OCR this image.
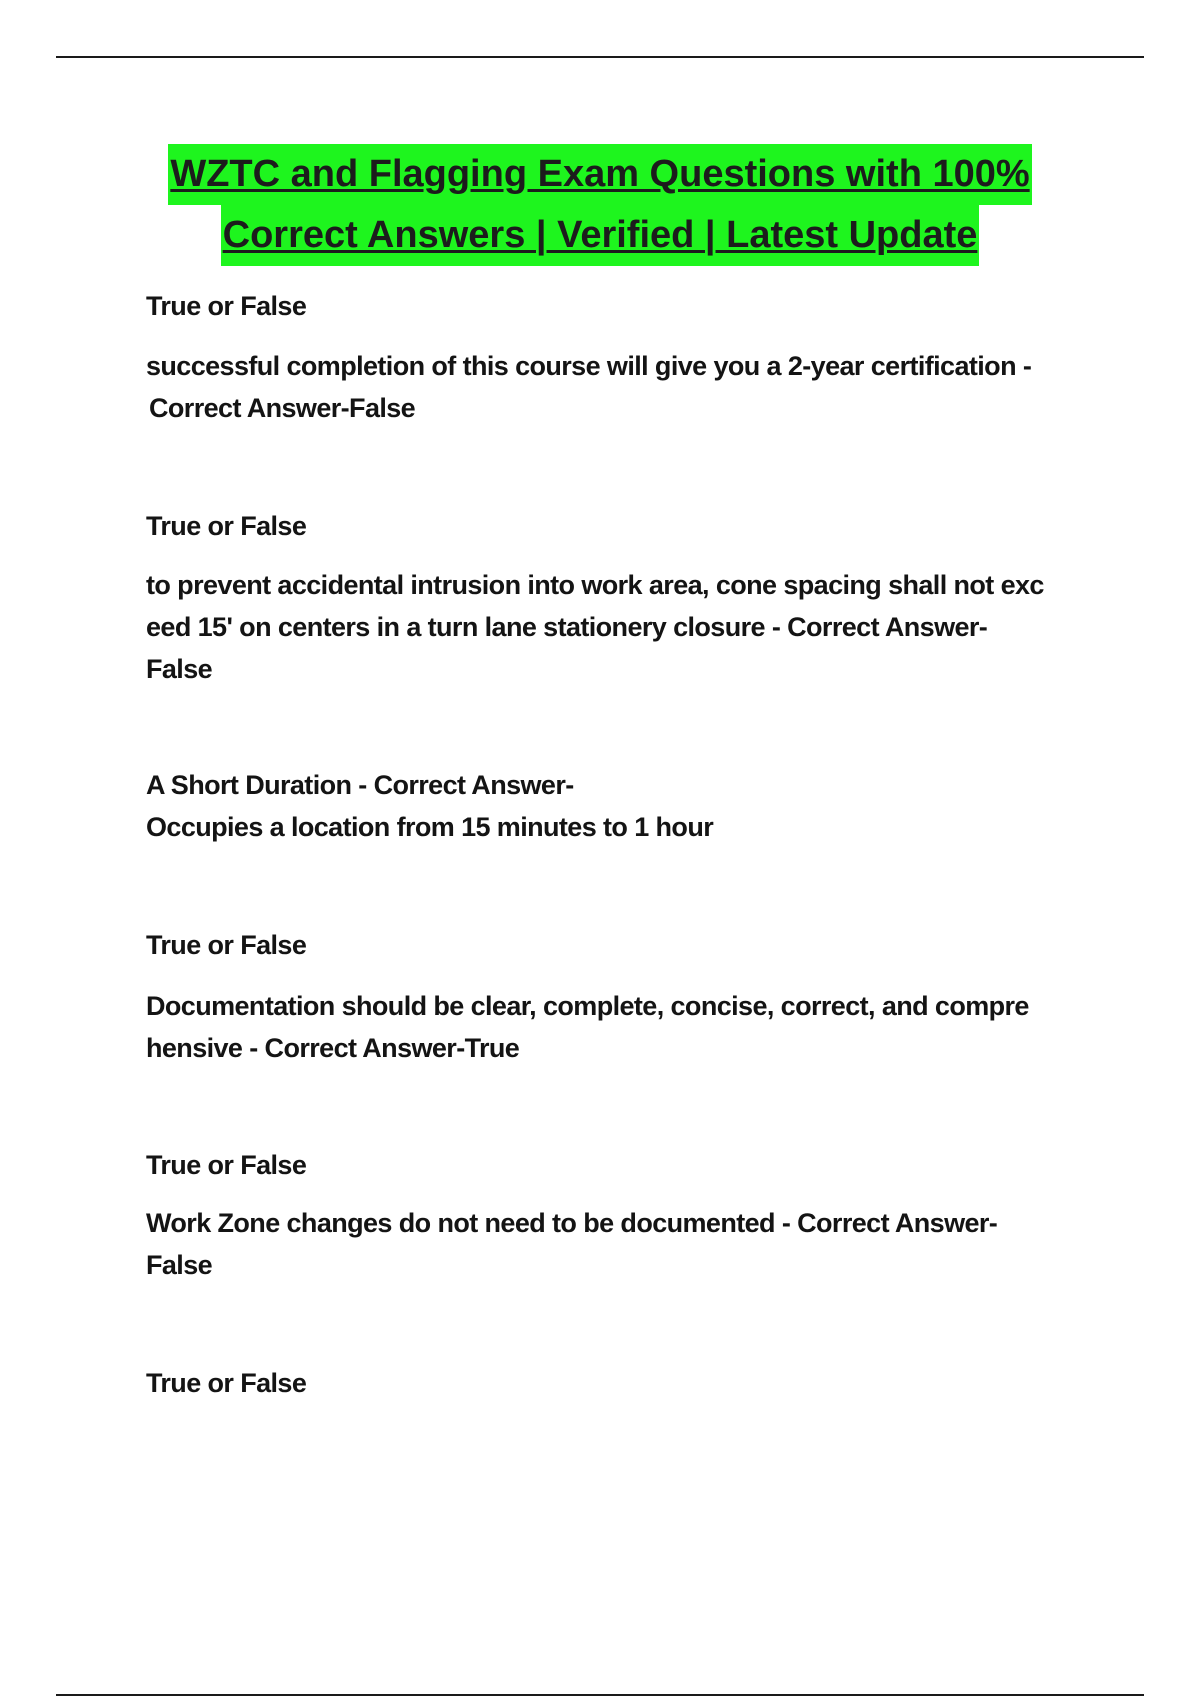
WZTC and Flagging Exam Questions with 100%
Correct Answers | Verified | Latest Update
True or False
successful completion of this course will give you a 2-year certification -
Correct Answer-False
True or False
to prevent accidental intrusion into work area, cone spacing shall not exc
eed 15' on centers in a turn lane stationery closure - Correct Answer-
False
A Short Duration - Correct Answer-
Occupies a location from 15 minutes to 1 hour
True or False
Documentation should be clear, complete, concise, correct, and compre
hensive - Correct Answer-True
True or False
Work Zone changes do not need to be documented - Correct Answer-
False
True or False
